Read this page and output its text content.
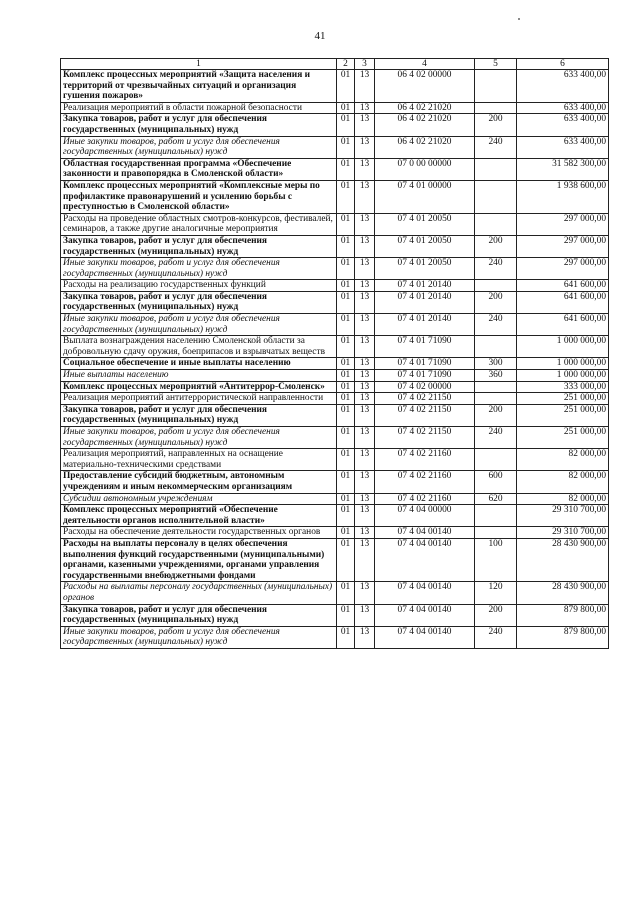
41
1	2	3	4	5	6
Комплекс процессных мероприятий «Защита населения и территорий от чрезвычайных ситуаций и организация гушения пожаров»	01	13	06 4 02 00000		633 400,00
Реализация мероприятий в области пожарной безопасности	01	13	06 4 02 21020		633 400,00
Закупка товаров, работ и услуг для обеспечения государственных (муниципальных) нужд	01	13	06 4 02 21020	200	633 400,00
Иные закупки товаров, работ и услуг для обеспечения государственных (муниципальных) нужд	01	13	06 4 02 21020	240	633 400,00
Областная государственная программа «Обеспечение законности и правопорядка в Смоленской области»	01	13	07 0 00 00000		31 582 300,00
Комплекс процессных мероприятий «Комплексные меры по профилактике правонарушений и усилению борьбы с преступностью в Смоленской области»	01	13	07 4 01 00000		1 938 600,00
Расходы на проведение областных смотров-конкурсов, фестивалей, семинаров, а также другие аналогичные мероприятия	01	13	07 4 01 20050		297 000,00
Закупка товаров, работ и услуг для обеспечения государственных (муниципальных) нужд	01	13	07 4 01 20050	200	297 000,00
Иные закупки товаров, работ и услуг для обеспечения государственных (муниципальных) нужд	01	13	07 4 01 20050	240	297 000,00
Расходы на реализацию государственных функций	01	13	07 4 01 20140		641 600,00
Закупка товаров, работ и услуг для обеспечения государственных (муниципальных) нужд	01	13	07 4 01 20140	200	641 600,00
Иные закупки товаров, работ и услуг для обеспечения государственных (муниципальных) нужд	01	13	07 4 01 20140	240	641 600,00
Выплата вознаграждения населению Смоленской области за добровольную сдачу оружия, боеприпасов и взрывчатых веществ	01	13	07 4 01 71090		1 000 000,00
Социальное обеспечение и иные выплаты населению	01	13	07 4 01 71090	300	1 000 000,00
Иные выплаты населению	01	13	07 4 01 71090	360	1 000 000,00
Комплекс процессных мероприятий «Антитеррор-Смоленск»	01	13	07 4 02 00000		333 000,00
Реализация мероприятий антитеррористической направленности	01	13	07 4 02 21150		251 000,00
Закупка товаров, работ и услуг для обеспечения государственных (муниципальных) нужд	01	13	07 4 02 21150	200	251 000,00
Иные закупки товаров, работ и услуг для обеспечения государственных (муниципальных) нужд	01	13	07 4 02 21150	240	251 000,00
Реализация мероприятий, направленных на оснащение материально-техническими средствами	01	13	07 4 02 21160		82 000,00
Предоставление субсидий бюджетным, автономным учреждениям и иным некоммерческим организациям	01	13	07 4 02 21160	600	82 000,00
Субсидии автономным учреждениям	01	13	07 4 02 21160	620	82 000,00
Комплекс процессных мероприятий «Обеспечение деятельности органов исполнительной власти»	01	13	07 4 04 00000		29 310 700,00
Расходы на обеспечение деятельности государственных органов	01	13	07 4 04 00140		29 310 700,00
Расходы на выплаты персоналу в целях обеспечения выполнения функций государственными (муниципальными) органами, казенными учреждениями, органами управления государственными внебюджетными фондами	01	13	07 4 04 00140	100	28 430 900,00
Расходы на выплаты персоналу государственных (муниципальных) органов	01	13	07 4 04 00140	120	28 430 900,00
Закупка товаров, работ и услуг для обеспечения государственных (муниципальных) нужд	01	13	07 4 04 00140	200	879 800,00
Иные закупки товаров, работ и услуг для обеспечения государственных (муниципальных) нужд	01	13	07 4 04 00140	240	879 800,00
